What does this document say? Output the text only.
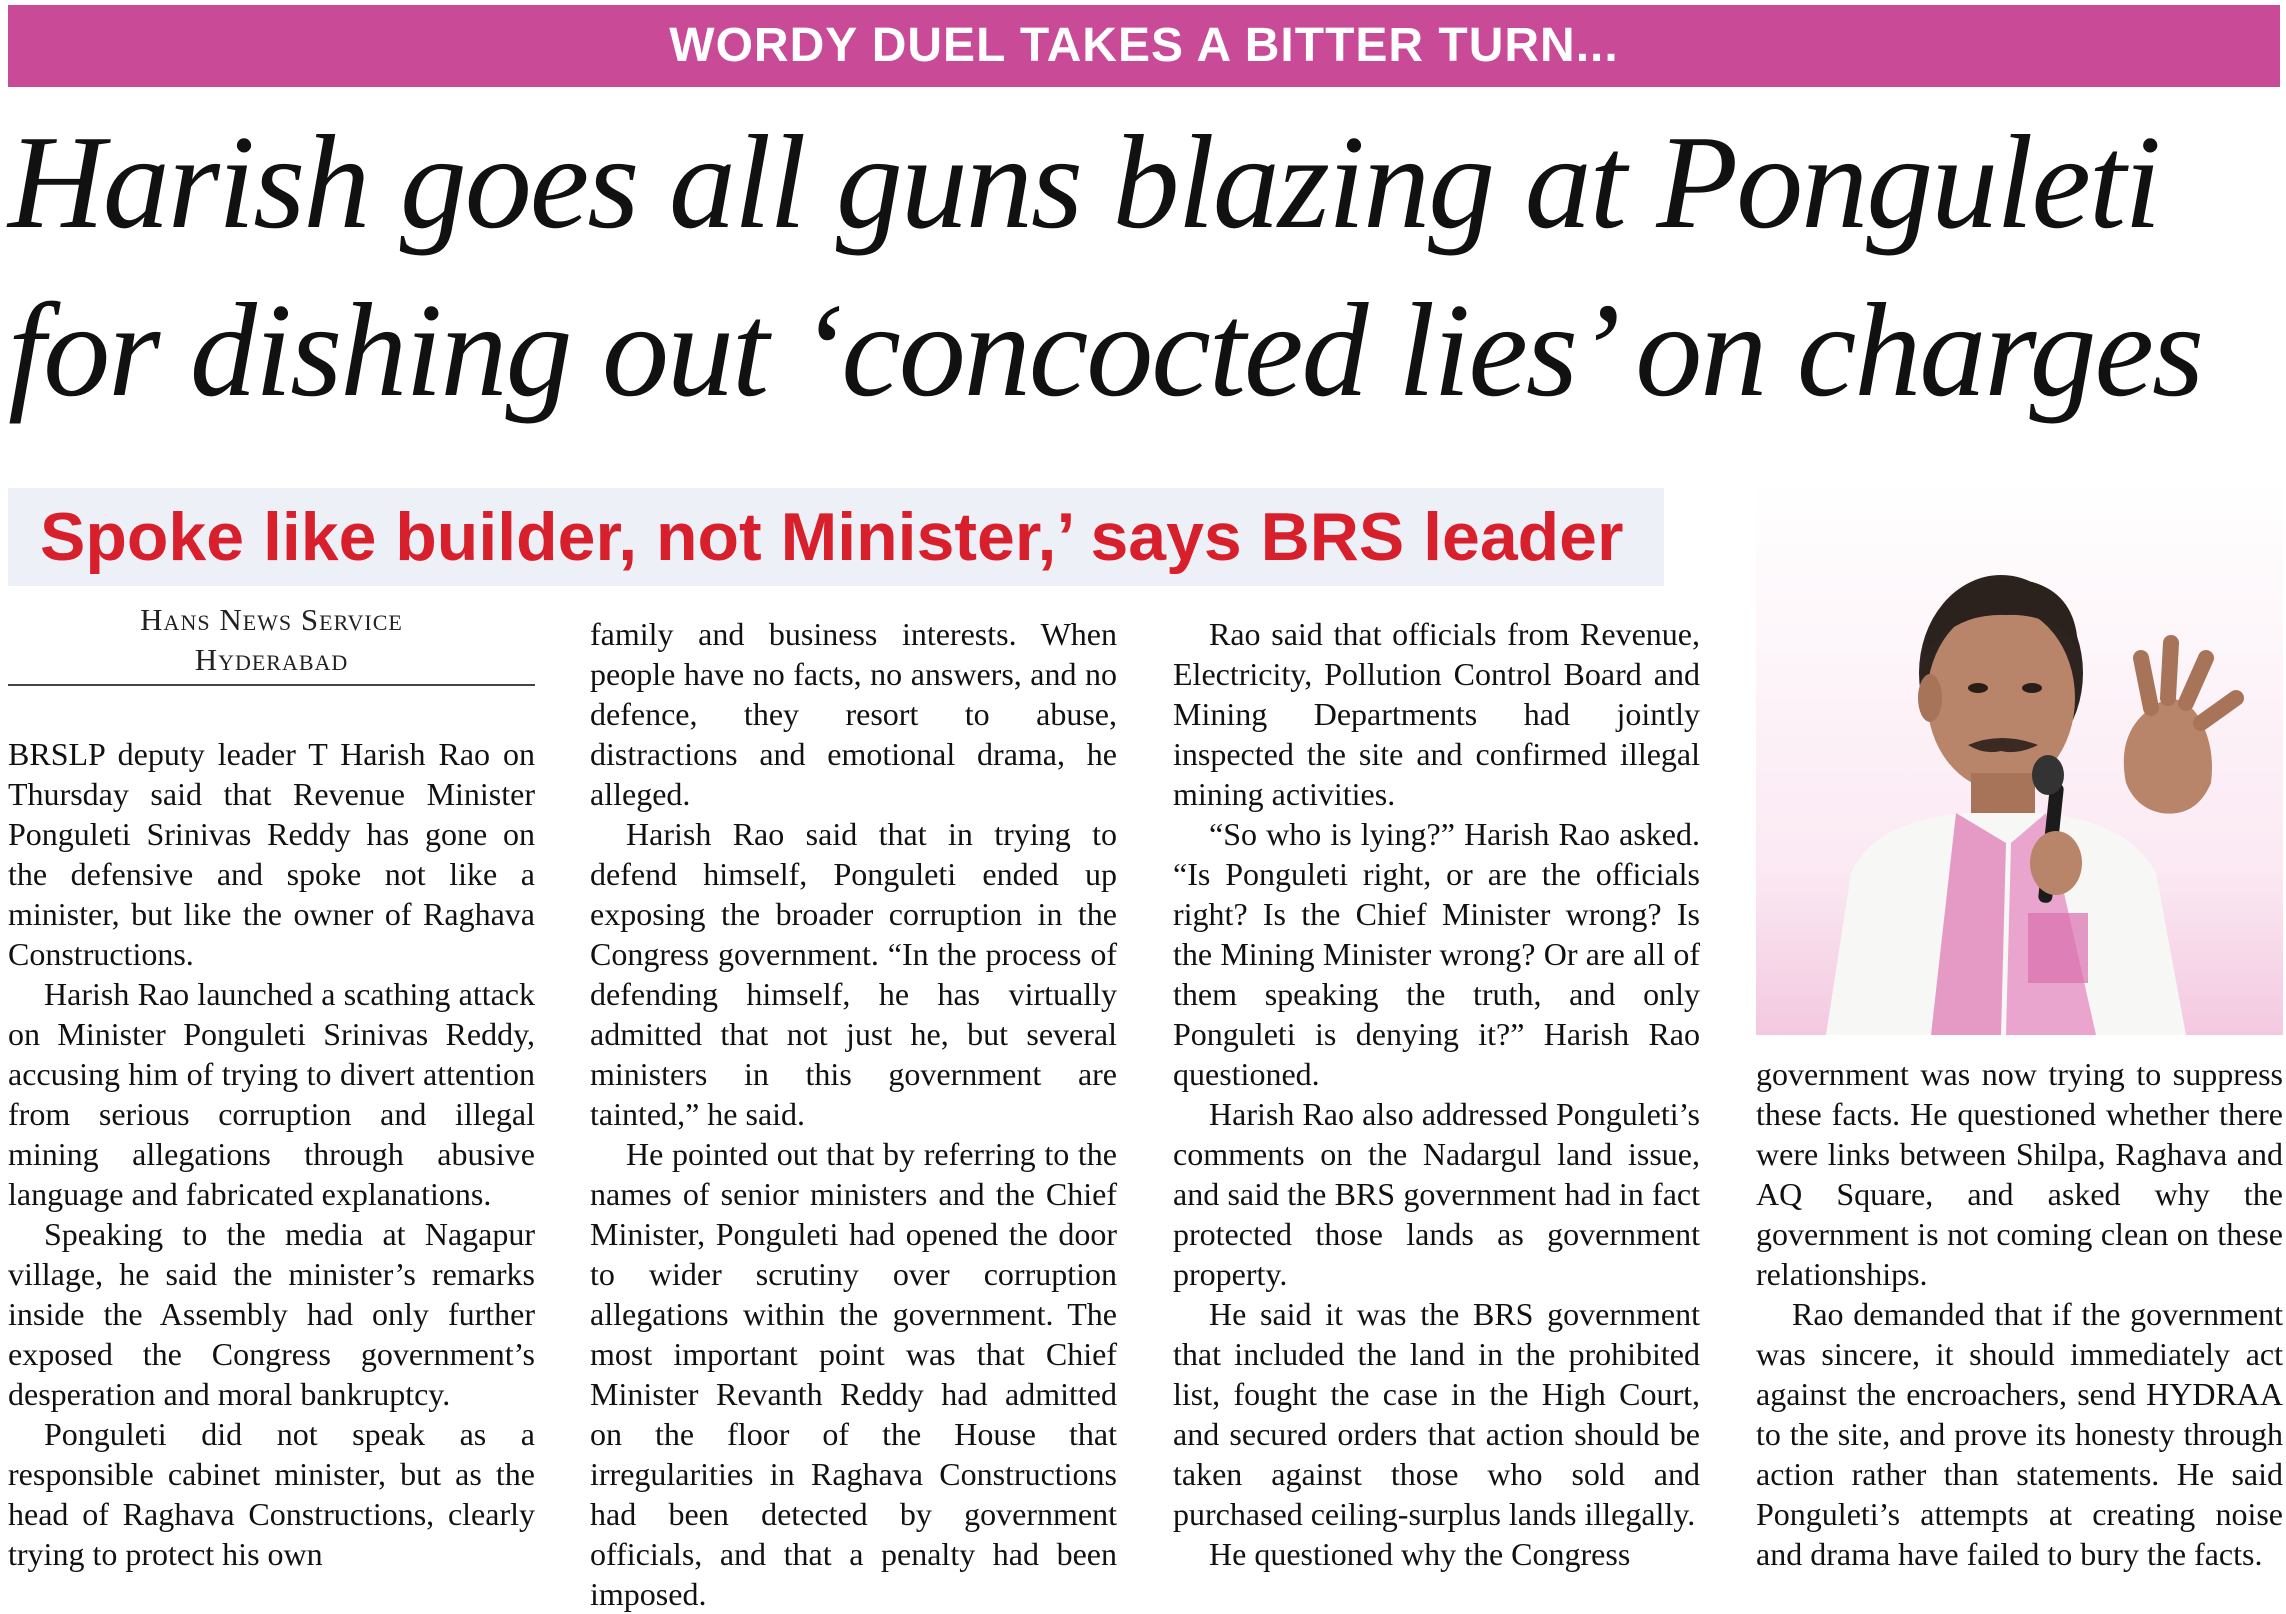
WORDY DUEL TAKES A BITTER TURN...
Harish goes all guns blazing at Ponguleti
for dishing out ‘concocted lies’ on charges
Spoke like builder, not Minister,’ says BRS leader
Hans News Service
Hyderabad

BRSLP deputy leader T Harish Rao on Thursday said that Revenue Minister Ponguleti Srinivas Reddy has gone on the defensive and spoke not like a minister, but like the owner of Raghava Constructions.

Harish Rao launched a scathing attack on Minister Ponguleti Srinivas Reddy, accusing him of trying to divert attention from serious corruption and illegal mining allegations through abusive language and fabricated explanations.

Speaking to the media at Nagapur village, he said the minister’s remarks inside the Assembly had only further exposed the Congress government’s desperation and moral bankruptcy.

Ponguleti did not speak as a responsible cabinet minister, but as the head of Raghava Constructions, clearly trying to protect his own

family and business interests. When people have no facts, no answers, and no defence, they resort to abuse, distractions and emotional drama, he alleged.

Harish Rao said that in trying to defend himself, Ponguleti ended up exposing the broader corruption in the Congress government. “In the process of defending himself, he has virtually admitted that not just he, but several ministers in this government are tainted,” he said.

He pointed out that by referring to the names of senior ministers and the Chief Minister, Ponguleti had opened the door to wider scrutiny over corruption allegations within the government. The most important point was that Chief Minister Revanth Reddy had admitted on the floor of the House that irregularities in Raghava Constructions had been detected by government officials, and that a penalty had been imposed.

Rao said that officials from Revenue, Electricity, Pollution Control Board and Mining Departments had jointly inspected the site and confirmed illegal mining activities.

“So who is lying?” Harish Rao asked. “Is Ponguleti right, or are the officials right? Is the Chief Minister wrong? Is the Mining Minister wrong? Or are all of them speaking the truth, and only Ponguleti is denying it?” Harish Rao questioned.

Harish Rao also addressed Ponguleti’s comments on the Nadargul land issue, and said the BRS government had in fact protected those lands as government property.

He said it was the BRS government that included the land in the prohibited list, fought the case in the High Court, and secured orders that action should be taken against those who sold and purchased ceiling-surplus lands illegally.

He questioned why the Congress

government was now trying to suppress these facts. He questioned whether there were links between Shilpa, Raghava and AQ Square, and asked why the government is not coming clean on these relationships.

Rao demanded that if the government was sincere, it should immediately act against the encroachers, send HYDRAA to the site, and prove its honesty through action rather than statements. He said Ponguleti’s attempts at creating noise and drama have failed to bury the facts.
